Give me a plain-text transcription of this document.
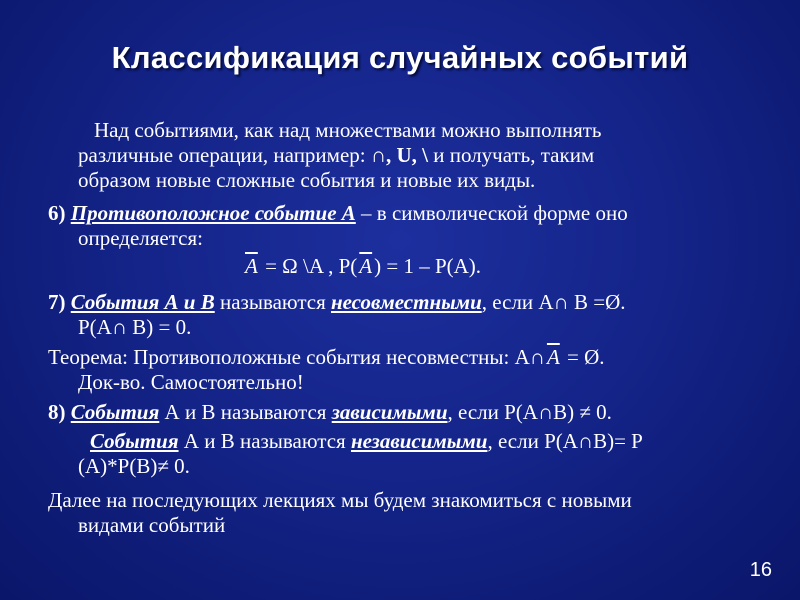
Классификация случайных событий
Над событиями, как над множествами можно выполнять
различные операции, например: ∩, U, \ и получать, таким
образом новые сложные события и новые их виды.
6) Противоположное событие А – в символической форме оно
определяется:
$\overline{A} = \Omega$ \A , $P(\overline{A}) = 1 - P(A)$.
7) События А и В называются несовместными, если A∩ B =Ø.
P(A∩ B) = 0.
Теорема: Противоположные события несовместны: $A\cap\overline{A}$ = Ø.
Док-во. Самостоятельно!
8) События А и В называются зависимыми, если P(A∩B) ≠ 0.
События А и В называются независимыми, если P(A∩B)= P
(A)*P(B)≠ 0.
Далее на последующих лекциях мы будем знакомиться с новыми
видами событий
16
